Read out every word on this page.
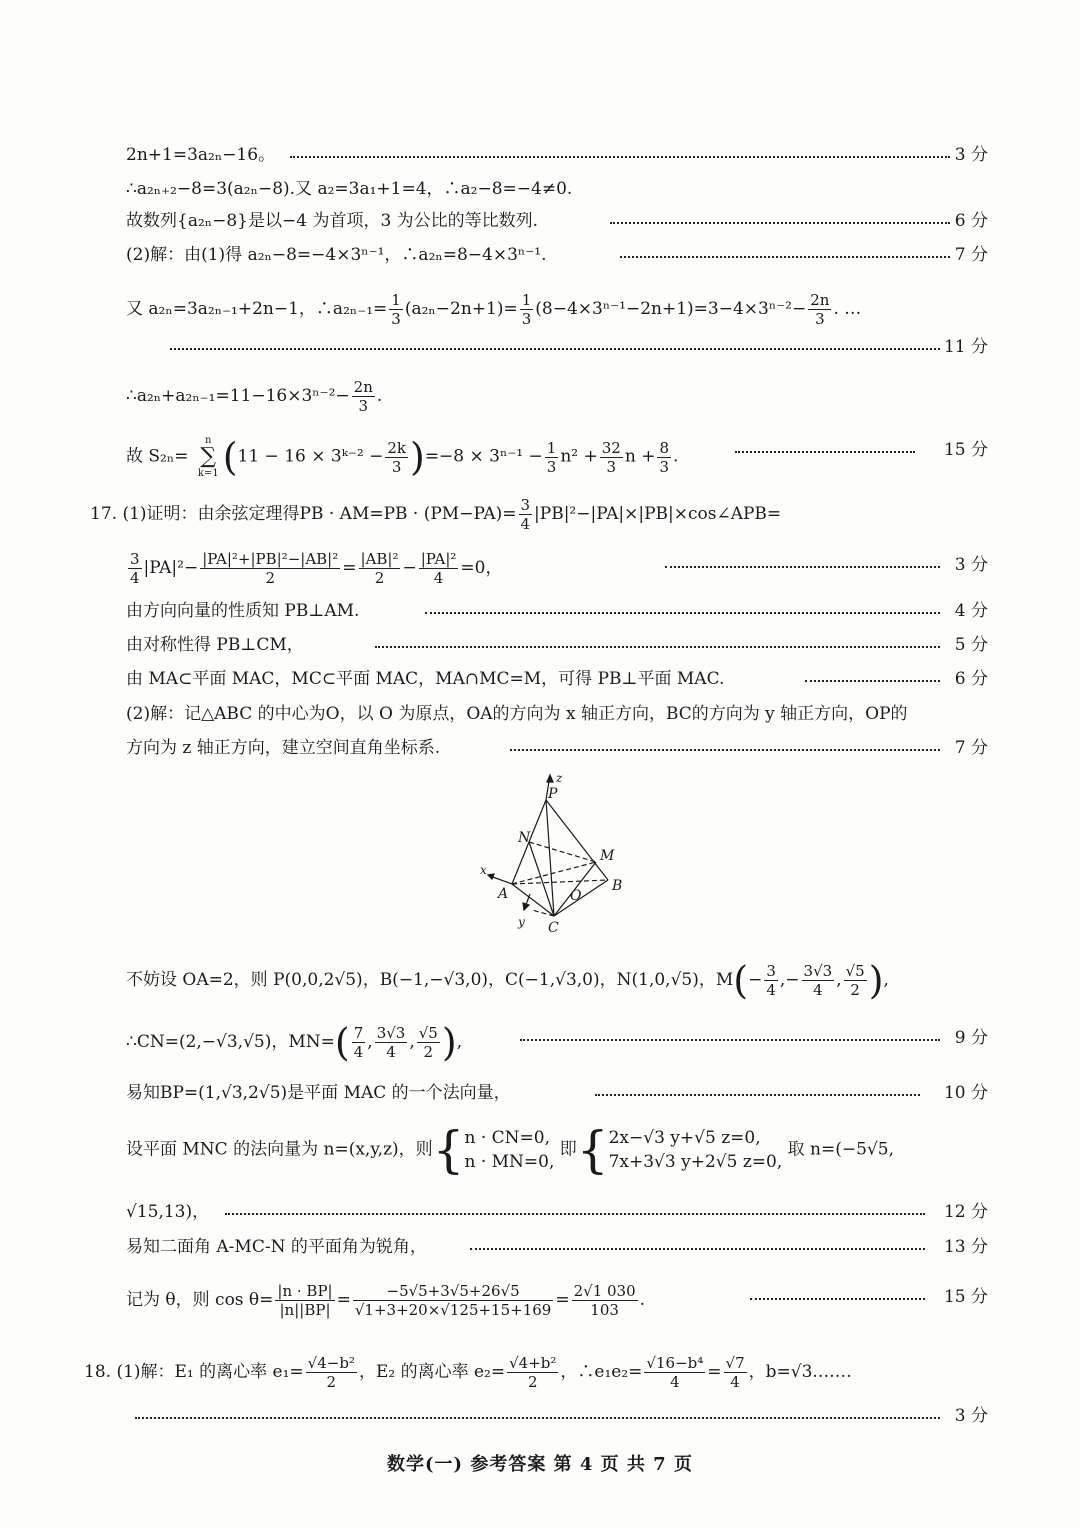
2n+1=3a₂ₙ−16。	3 分
∴a₂ₙ₊₂−8=3(a₂ₙ−8).又 a₂=3a₁+1=4，∴a₂−8=−4≠0.
故数列{a₂ₙ−8}是以−4 为首项，3 为公比的等比数列.	6 分
(2)解：由(1)得 a₂ₙ−8=−4×3ⁿ⁻¹，∴a₂ₙ=8−4×3ⁿ⁻¹.	7 分
又 a₂ₙ=3a₂ₙ₋₁+2n−1，∴a₂ₙ₋₁= $\frac{1}{3} (a_{2n}-2n+1)= \frac{1}{3} (8-4\times 3^{n-1}-2n+1)=3-4\times 3^{n-2}- \frac{2n}{3}$ . …
11 分
∴a₂ₙ+a₂ₙ₋₁=11−16×3ⁿ⁻²− $\frac{2n}{3}$ .
故 S₂ₙ=
n
∑
k=1 (11 − 16 × 3ᵏ⁻² − $\frac{2k}{3} )=-8 \times 3^{n-1} - \frac{1}{3} n^2 + \frac{32}{3}$ $n + \frac{8}{3}$ .	15 分
17. (1)证明：由余弦定理得PB · $AM=PB \cdot (PM-PA)= \frac{3}{4}$ |PB|²−|PA|×|PB|×cos∠APB=
$\frac{3}{4} |PA|^2- \frac{\text{|PA|²+|PB|²−|AB|²}}{2} = \frac{\text{|AB|²}}{2} - \frac{\text{|PA|²}}{4} =0$，	3 分
由方向向量的性质知 PB⊥AM.	4 分
由对称性得 PB⊥CM，	5 分
由 MA⊂平面 MAC，MC⊂平面 MAC，MA∩MC=M，可得 PB⊥平面 MAC.	6 分
(2)解：记△ABC 的中心为O，以 O 为原点，OA的方向为 x 轴正方向，BC的方向为 y 轴正方向，OP的
方向为 z 轴正方向，建立空间直角坐标系.	7 分
P
z
N
M
x
A	B
O
y C
不妨设 OA=2，则 P(0,0,2√5)，B(−1,−√3,0)，C(−1,√3,0)，N(1,0,√5)，$M(- \frac{3}{4}$ ,− $\frac{3√3}{4}$ , $\frac{√5}{2}$ ),
∴CN=(2,−√3,√5)，$MN=( \frac{7}{4}$ , $\frac{3√3}{4}$ , $\frac{√5}{2}$ ),	9 分
易知BP=(1,√3,2√5)是平面 MAC 的一个法向量，	10 分
设平面 MNC 的法向量为 n=(x,y,z)，则{ n · CN=0,
n · MN=0,
即{ 2x−√3 y+√5 z=0,
7x+3√3 y+2√5 z=0,
取 n=(−5√5,
√15,13)，	12 分
易知二面角 A-MC-N 的平面角为锐角，	13 分
记为 θ，则 $\cos \theta= \frac{|n \cdot BP|}{|n||BP|} = \frac{-5√5+3√5+26√5}{√1+3+20\times√125+15+169} = \frac{2√1 030}{103}$ .	15 分
18. (1)解：E₁ 的离心率 $e_1= \frac{\text{√4−b²}}{2}$ ，E₂ 的离心率 $e_2= \frac{\text{√4+b²}}{2}$ ，∴e₁e₂= $\frac{\text{√16−b⁴}}{4} = \frac{√7}{4}$ ，b=√3.……
3 分
数学(一) 参考答案 第 4 页 共 7 页
